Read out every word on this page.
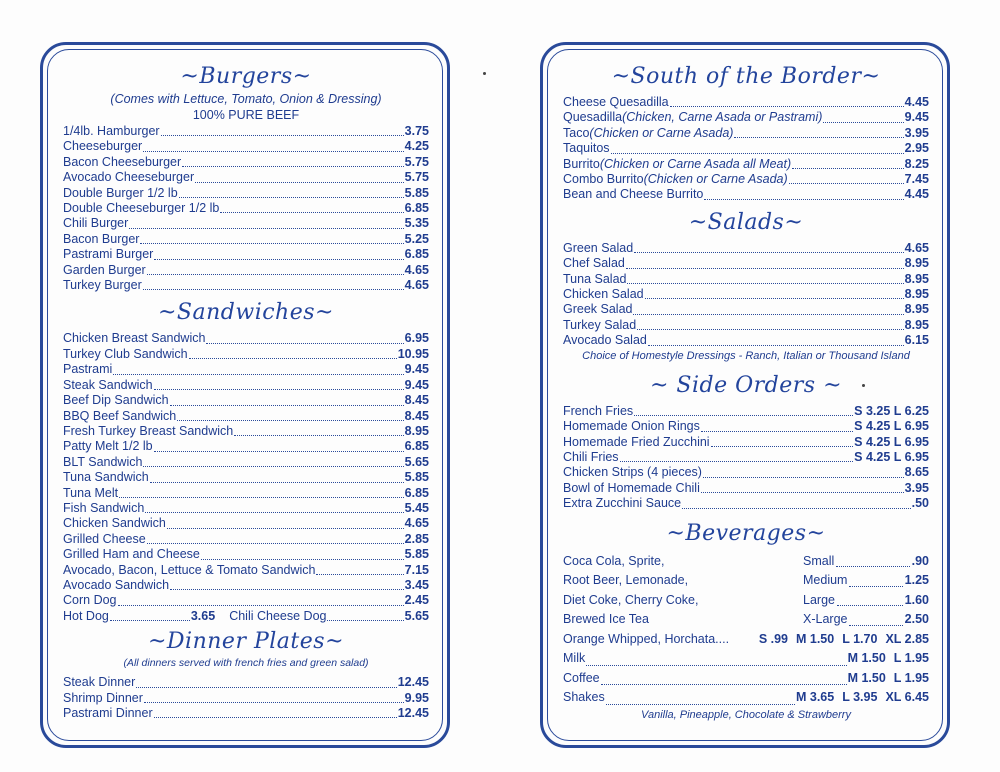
~Burgers~
(Comes with Lettuce, Tomato, Onion & Dressing)
100% PURE BEEF
1/4lb. Hamburger	3.75
Cheeseburger	4.25
Bacon Cheeseburger	5.75
Avocado Cheeseburger	5.75
Double Burger 1/2 lb	5.85
Double Cheeseburger 1/2 lb	6.85
Chili Burger	5.35
Bacon Burger	5.25
Pastrami Burger	6.85
Garden Burger	4.65
Turkey Burger	4.65
~Sandwiches~
Chicken Breast Sandwich	6.95
Turkey Club Sandwich	10.95
Pastrami	9.45
Steak Sandwich	9.45
Beef Dip Sandwich	8.45
BBQ Beef Sandwich	8.45
Fresh Turkey Breast Sandwich	8.95
Patty Melt 1/2 lb	6.85
BLT Sandwich	5.65
Tuna Sandwich	5.85
Tuna Melt	6.85
Fish Sandwich	5.45
Chicken Sandwich	4.65
Grilled Cheese	2.85
Grilled Ham and Cheese	5.85
Avocado, Bacon, Lettuce & Tomato Sandwich	7.15
Avocado Sandwich	3.45
Corn Dog	2.45
Hot Dog	3.65 Chili Cheese Dog	5.65
~Dinner Plates~
(All dinners served with french fries and green salad)
Steak Dinner	12.45
Shrimp Dinner	9.95
Pastrami Dinner	12.45
~South of the Border~
Cheese Quesadilla	4.45
Quesadilla (Chicken, Carne Asada or Pastrami)	9.45
Taco (Chicken or Carne Asada)	3.95
Taquitos	2.95
Burrito (Chicken or Carne Asada all Meat)	8.25
Combo Burrito (Chicken or Carne Asada)	7.45
Bean and Cheese Burrito	4.45
~Salads~
Green Salad	4.65
Chef Salad	8.95
Tuna Salad	8.95
Chicken Salad	8.95
Greek Salad	8.95
Turkey Salad	8.95
Avocado Salad	6.15
Choice of Homestyle Dressings - Ranch, Italian or Thousand Island
~ Side Orders ~
French Fries	S 3.25 L 6.25
Homemade Onion Rings	S 4.25 L 6.95
Homemade Fried Zucchini	S 4.25 L 6.95
Chili Fries	S 4.25 L 6.95
Chicken Strips (4 pieces)	8.65
Bowl of Homemade Chili	3.95
Extra Zucchini Sauce	.50
~Beverages~
Coca Cola, Sprite,	Small	.90
Root Beer, Lemonade,	Medium	1.25
Diet Coke, Cherry Coke,	Large	1.60
Brewed Ice Tea	X-Large	2.50
Orange Whipped, Horchata.... S .99 M 1.50 L 1.70 XL 2.85
Milk	M 1.50 L 1.95
Coffee	M 1.50 L 1.95
Shakes	M 3.65 L 3.95 XL 6.45
Vanilla, Pineapple, Chocolate & Strawberry
